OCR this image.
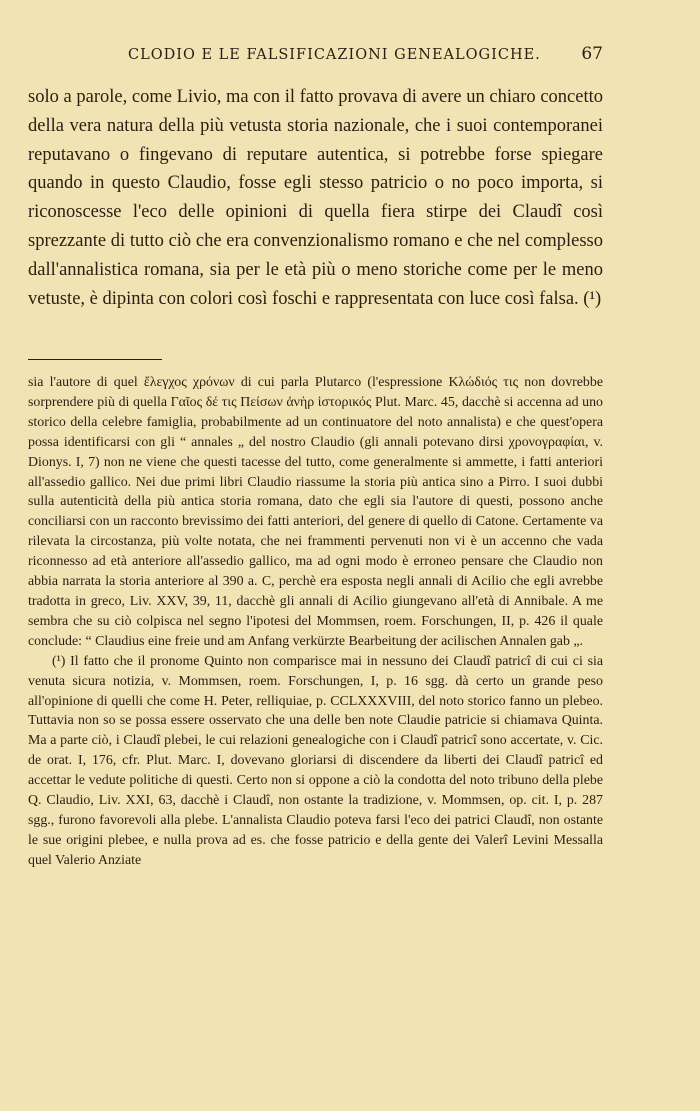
CLODIO E LE FALSIFICAZIONI GENEALOGICHE. 67

solo a parole, come Livio, ma con il fatto provava di avere un chiaro concetto della vera natura della più vetusta storia nazionale, che i suoi contemporanei reputavano o fingevano di reputare autentica, si potrebbe forse spiegare quando in questo Claudio, fosse egli stesso patricio o no poco importa, si riconoscesse l'eco delle opinioni di quella fiera stirpe dei Claudî così sprezzante di tutto ciò che era convenzionalismo romano e che nel complesso dall'annalistica romana, sia per le età più o meno storiche come per le meno vetuste, è dipinta con colori così foschi e rappresentata con luce così falsa. (¹)

sia l'autore di quel ἔλεγχος χρόνων di cui parla Plutarco (l'espressione Κλώδιός τις non dovrebbe sorprendere più di quella Γαῖος δέ τις Πείσων ἀνὴρ ἱστορικός Plut. Marc. 45, dacchè si accenna ad uno storico della celebre famiglia, probabilmente ad un continuatore del noto annalista) e che quest'opera possa identificarsi con gli “ annales „ del nostro Claudio (gli annali potevano dirsi χρονογραφίαι, v. Dionys. I, 7) non ne viene che questi tacesse del tutto, come generalmente si ammette, i fatti anteriori all'assedio gallico. Nei due primi libri Claudio riassume la storia più antica sino a Pirro. I suoi dubbi sulla autenticità della più antica storia romana, dato che egli sia l'autore di questi, possono anche conciliarsi con un racconto brevissimo dei fatti anteriori, del genere di quello di Catone. Certamente va rilevata la circostanza, più volte notata, che nei frammenti pervenuti non vi è un accenno che vada riconnesso ad età anteriore all'assedio gallico, ma ad ogni modo è erroneo pensare che Claudio non abbia narrata la storia anteriore al 390 a. C, perchè era esposta negli annali di Acilio che egli avrebbe tradotta in greco, Liv. XXV, 39, 11, dacchè gli annali di Acilio giungevano all'età di Annibale. A me sembra che su ciò colpisca nel segno l'ipotesi del Mommsen, roem. Forschungen, II, p. 426 il quale conclude: “ Claudius eine freie und am Anfang verkürzte Bearbeitung der acilischen Annalen gab „.

(¹) Il fatto che il pronome Quinto non comparisce mai in nessuno dei Claudî patricî di cui ci sia venuta sicura notizia, v. Mommsen, roem. Forschungen, I, p. 16 sgg. dà certo un grande peso all'opinione di quelli che come H. Peter, relliquiae, p. CCLXXXVIII, del noto storico fanno un plebeo. Tuttavia non so se possa essere osservato che una delle ben note Claudie patricie si chiamava Quinta. Ma a parte ciò, i Claudî plebei, le cui relazioni genealogiche con i Claudî patricî sono accertate, v. Cic. de orat. I, 176, cfr. Plut. Marc. I, dovevano gloriarsi di discendere da liberti dei Claudî patricî ed accettar le vedute politiche di questi. Certo non si oppone a ciò la condotta del noto tribuno della plebe Q. Claudio, Liv. XXI, 63, dacchè i Claudî, non ostante la tradizione, v. Mommsen, op. cit. I, p. 287 sgg., furono favorevoli alla plebe. L'annalista Claudio poteva farsi l'eco dei patrici Claudî, non ostante le sue origini plebee, e nulla prova ad es. che fosse patricio e della gente dei Valerî Levini Messalla quel Valerio Anziate
